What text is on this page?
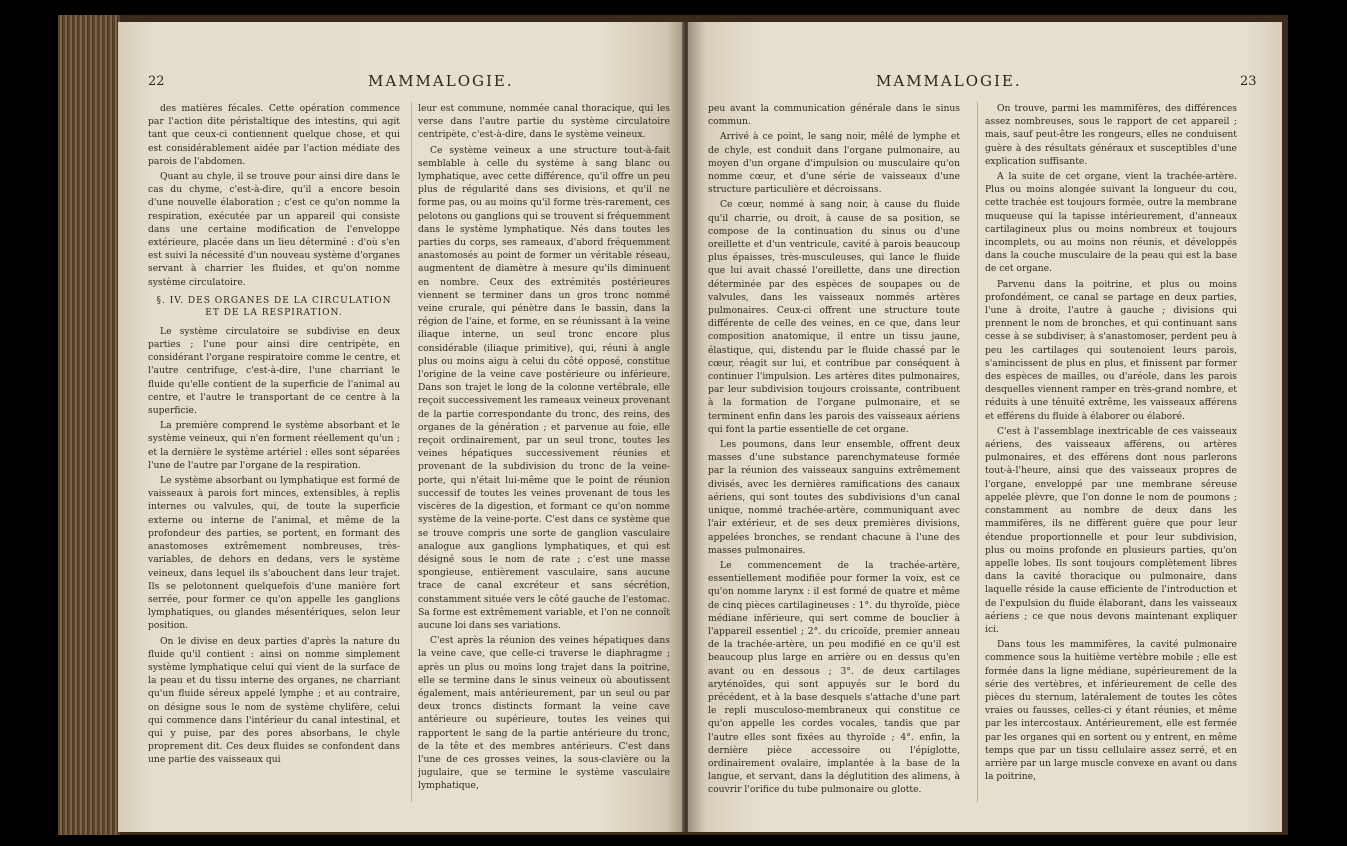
22	MAMMALOGIE.

des matières fécales. Cette opération commence par l'action dite péristaltique des intestins, qui agit tant que ceux-ci contiennent quelque chose, et qui est considérablement aidée par l'action médiate des parois de l'abdomen.

Quant au chyle, il se trouve pour ainsi dire dans le cas du chyme, c'est-à-dire, qu'il a encore besoin d'une nouvelle élaboration ; c'est ce qu'on nomme la respiration, exécutée par un appareil qui consiste dans une certaine modification de l'enveloppe extérieure, placée dans un lieu déterminé : d'où s'en est suivi la nécessité d'un nouveau système d'organes servant à charrier les fluides, et qu'on nomme système circulatoire.

§. IV. DES ORGANES DE LA CIRCULATION ET DE LA RESPIRATION.

Le système circulatoire se subdivise en deux parties ; l'une pour ainsi dire centripète, en considérant l'organe respiratoire comme le centre, et l'autre centrifuge, c'est-à-dire, l'une charriant le fluide qu'elle contient de la superficie de l'animal au centre, et l'autre le transportant de ce centre à la superficie.

La première comprend le système absorbant et le système veineux, qui n'en forment réellement qu'un ; et la dernière le système artériel : elles sont séparées l'une de l'autre par l'organe de la respiration.

Le système absorbant ou lymphatique est formé de vaisseaux à parois fort minces, extensibles, à replis internes ou valvules, qui, de toute la superficie externe ou interne de l'animal, et même de la profondeur des parties, se portent, en formant des anastomoses extrêmement nombreuses, très-variables, de dehors en dedans, vers le système veineux, dans lequel ils s'abouchent dans leur trajet. Ils se pelotonnent quelquefois d'une manière fort serrée, pour former ce qu'on appelle les ganglions lymphatiques, ou glandes mésentériques, selon leur position.

On le divise en deux parties d'après la nature du fluide qu'il contient : ainsi on nomme simplement système lymphatique celui qui vient de la surface de la peau et du tissu interne des organes, ne charriant qu'un fluide séreux appelé lymphe ; et au contraire, on désigne sous le nom de système chylifère, celui qui commence dans l'intérieur du canal intestinal, et qui y puise, par des pores absorbans, le chyle proprement dit. Ces deux fluides se confondent dans une partie des vaisseaux qui

leur est commune, nommée canal thoracique, qui les verse dans l'autre partie du système circulatoire centripète, c'est-à-dire, dans le système veineux.

Ce système veineux a une structure tout-à-fait semblable à celle du système à sang blanc ou lymphatique, avec cette différence, qu'il offre un peu plus de régularité dans ses divisions, et qu'il ne forme pas, ou au moins qu'il forme très-rarement, ces pelotons ou ganglions qui se trouvent si fréquemment dans le système lymphatique. Nés dans toutes les parties du corps, ses rameaux, d'abord fréquemment anastomosés au point de former un véritable réseau, augmentent de diamètre à mesure qu'ils diminuent en nombre. Ceux des extrémités postérieures viennent se terminer dans un gros tronc nommé veine crurale, qui pénètre dans le bassin, dans la région de l'aine, et forme, en se réunissant à la veine iliaque interne, un seul tronc encore plus considérable (iliaque primitive), qui, réuni à angle plus ou moins aigu à celui du côté opposé, constitue l'origine de la veine cave postérieure ou inférieure. Dans son trajet le long de la colonne vertébrale, elle reçoit successivement les rameaux veineux provenant de la partie correspondante du tronc, des reins, des organes de la génération ; et parvenue au foie, elle reçoit ordinairement, par un seul tronc, toutes les veines hépatiques successivement réunies et provenant de la subdivision du tronc de la veine-porte, qui n'était lui-même que le point de réunion successif de toutes les veines provenant de tous les viscères de la digestion, et formant ce qu'on nomme système de la veine-porte. C'est dans ce système que se trouve compris une sorte de ganglion vasculaire analogue aux ganglions lymphatiques, et qui est désigné sous le nom de rate ; c'est une masse spongieuse, entièrement vasculaire, sans aucune trace de canal excréteur et sans sécrétion, constamment située vers le côté gauche de l'estomac. Sa forme est extrêmement variable, et l'on ne connoît aucune loi dans ses variations.

C'est après la réunion des veines hépatiques dans la veine cave, que celle-ci traverse le diaphragme ; après un plus ou moins long trajet dans la poitrine, elle se termine dans le sinus veineux où aboutissent également, mais antérieurement, par un seul ou par deux troncs distincts formant la veine cave antérieure ou supérieure, toutes les veines qui rapportent le sang de la partie antérieure du tronc, de la tête et des membres antérieurs. C'est dans l'une de ces grosses veines, la sous-clavière ou la jugulaire, que se termine le système vasculaire lymphatique,

MAMMALOGIE.	23

peu avant la communication générale dans le sinus commun.

Arrivé à ce point, le sang noir, mêlé de lymphe et de chyle, est conduit dans l'organe pulmonaire, au moyen d'un organe d'impulsion ou musculaire qu'on nomme cœur, et d'une série de vaisseaux d'une structure particulière et décroissans.

Ce cœur, nommé à sang noir, à cause du fluide qu'il charrie, ou droit, à cause de sa position, se compose de la continuation du sinus ou d'une oreillette et d'un ventricule, cavité à parois beaucoup plus épaisses, très-musculeuses, qui lance le fluide que lui avait chassé l'oreillette, dans une direction déterminée par des espèces de soupapes ou de valvules, dans les vaisseaux nommés artères pulmonaires. Ceux-ci offrent une structure toute différente de celle des veines, en ce que, dans leur composition anatomique, il entre un tissu jaune, élastique, qui, distendu par le fluide chassé par le cœur, réagit sur lui, et contribue par conséquent à continuer l'impulsion. Les artères dites pulmonaires, par leur subdivision toujours croissante, contribuent à la formation de l'organe pulmonaire, et se terminent enfin dans les parois des vaisseaux aériens qui font la partie essentielle de cet organe.

Les poumons, dans leur ensemble, offrent deux masses d'une substance parenchymateuse formée par la réunion des vaisseaux sanguins extrêmement divisés, avec les dernières ramifications des canaux aériens, qui sont toutes des subdivisions d'un canal unique, nommé trachée-artère, communiquant avec l'air extérieur, et de ses deux premières divisions, appelées bronches, se rendant chacune à l'une des masses pulmonaires.

Le commencement de la trachée-artère, essentiellement modifiée pour former la voix, est ce qu'on nomme larynx : il est formé de quatre et même de cinq pièces cartilagineuses : 1°. du thyroïde, pièce médiane inférieure, qui sert comme de bouclier à l'appareil essentiel ; 2°. du cricoïde, premier anneau de la trachée-artère, un peu modifié en ce qu'il est beaucoup plus large en arrière ou en dessus qu'en avant ou en dessous ; 3°. de deux cartilages aryténoïdes, qui sont appuyés sur le bord du précédent, et à la base desquels s'attache d'une part le repli musculoso-membraneux qui constitue ce qu'on appelle les cordes vocales, tandis que par l'autre elles sont fixées au thyroïde ; 4°. enfin, la dernière pièce accessoire ou l'épiglotte, ordinairement ovalaire, implantée à la base de la langue, et servant, dans la déglutition des alimens, à couvrir l'orifice du tube pulmonaire ou glotte.

On trouve, parmi les mammifères, des différences assez nombreuses, sous le rapport de cet appareil ; mais, sauf peut-être les rongeurs, elles ne conduisent guère à des résultats généraux et susceptibles d'une explication suffisante.

A la suite de cet organe, vient la trachée-artère. Plus ou moins alongée suivant la longueur du cou, cette trachée est toujours formée, outre la membrane muqueuse qui la tapisse intérieurement, d'anneaux cartilagineux plus ou moins nombreux et toujours incomplets, ou au moins non réunis, et développés dans la couche musculaire de la peau qui est la base de cet organe.

Parvenu dans la poitrine, et plus ou moins profondément, ce canal se partage en deux parties, l'une à droite, l'autre à gauche ; divisions qui prennent le nom de bronches, et qui continuant sans cesse à se subdiviser, à s'anastomoser, perdent peu à peu les cartilages qui soutenoient leurs parois, s'amincissent de plus en plus, et finissent par former des espèces de mailles, ou d'aréole, dans les parois desquelles viennent ramper en très-grand nombre, et réduits à une ténuité extrême, les vaisseaux afférens et efférens du fluide à élaborer ou élaboré.

C'est à l'assemblage inextricable de ces vaisseaux aériens, des vaisseaux afférens, ou artères pulmonaires, et des efférens dont nous parlerons tout-à-l'heure, ainsi que des vaisseaux propres de l'organe, enveloppé par une membrane séreuse appelée plèvre, que l'on donne le nom de poumons ; constamment au nombre de deux dans les mammifères, ils ne diffèrent guère que pour leur étendue proportionnelle et pour leur subdivision, plus ou moins profonde en plusieurs parties, qu'on appelle lobes. Ils sont toujours complètement libres dans la cavité thoracique ou pulmonaire, dans laquelle réside la cause efficiente de l'introduction et de l'expulsion du fluide élaborant, dans les vaisseaux aériens ; ce que nous devons maintenant expliquer ici.

Dans tous les mammifères, la cavité pulmonaire commence sous la huitième vertèbre mobile ; elle est formée dans la ligne médiane, supérieurement de la série des vertèbres, et inférieurement de celle des pièces du sternum, latéralement de toutes les côtes vraies ou fausses, celles-ci y étant réunies, et même par les intercostaux. Antérieurement, elle est fermée par les organes qui en sortent ou y entrent, en même temps que par un tissu cellulaire assez serré, et en arrière par un large muscle convexe en avant ou dans la poitrine,
